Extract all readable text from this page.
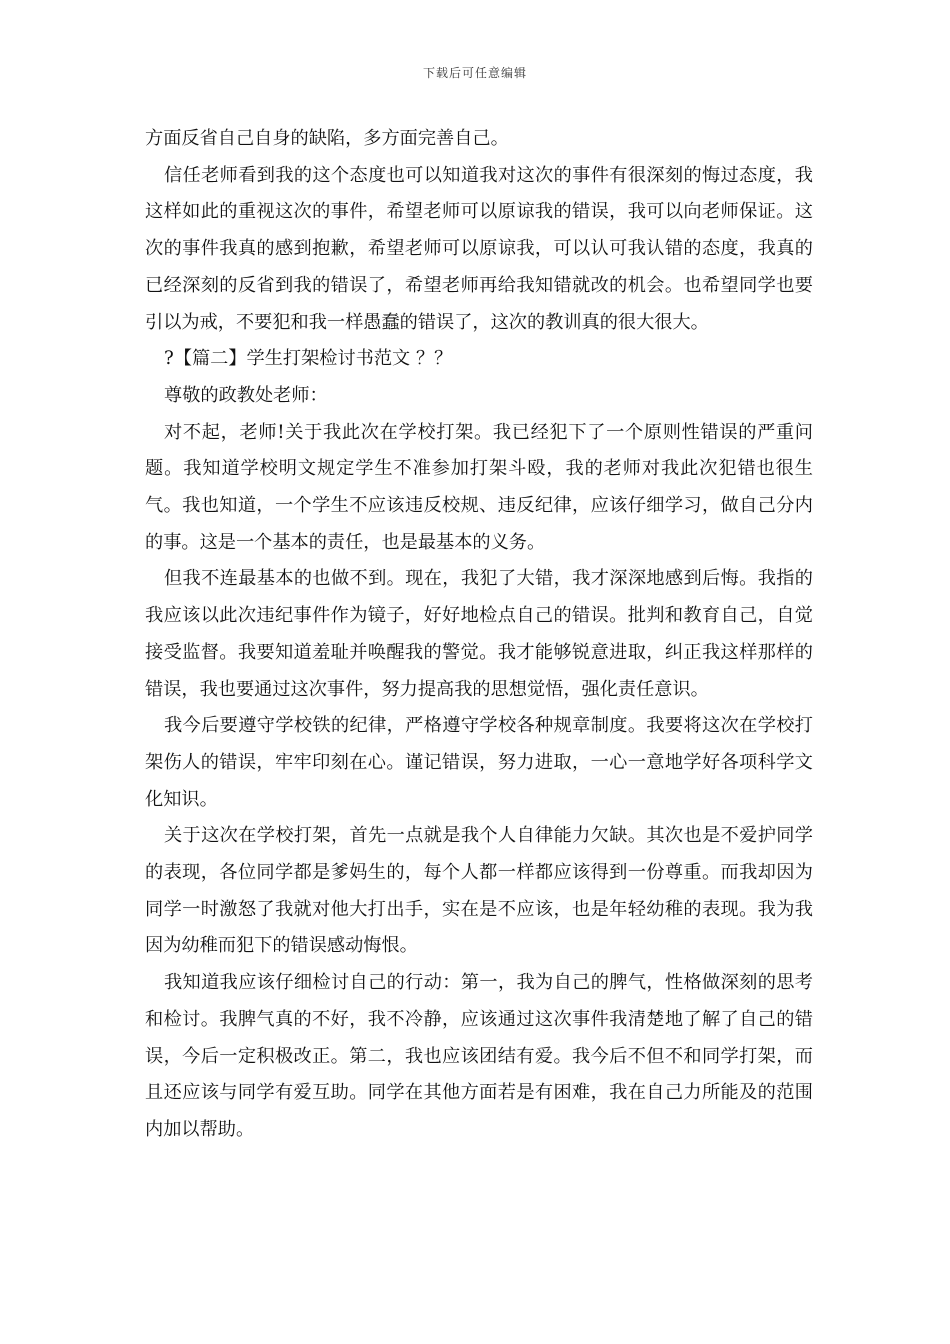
下载后可任意编辑

方面反省自己自身的缺陷，多方面完善自己。

信任老师看到我的这个态度也可以知道我对这次的事件有很深刻的悔过态度，我这样如此的重视这次的事件，希望老师可以原谅我的错误，我可以向老师保证。这次的事件我真的感到抱歉，希望老师可以原谅我，可以认可我认错的态度，我真的已经深刻的反省到我的错误了，希望老师再给我知错就改的机会。也希望同学也要引以为戒，不要犯和我一样愚蠢的错误了，这次的教训真的很大很大。

?【篇二】学生打架检讨书范文 ？？

尊敬的政教处老师：

对不起，老师!关于我此次在学校打架。我已经犯下了一个原则性错误的严重问题。我知道学校明文规定学生不准参加打架斗殴，我的老师对我此次犯错也很生气。我也知道，一个学生不应该违反校规、违反纪律，应该仔细学习，做自己分内的事。这是一个基本的责任，也是最基本的义务。

但我不连最基本的也做不到。现在，我犯了大错，我才深深地感到后悔。我指的我应该以此次违纪事件作为镜子，好好地检点自己的错误。批判和教育自己，自觉接受监督。我要知道羞耻并唤醒我的警觉。我才能够锐意进取，纠正我这样那样的错误，我也要通过这次事件，努力提高我的思想觉悟，强化责任意识。

我今后要遵守学校铁的纪律，严格遵守学校各种规章制度。我要将这次在学校打架伤人的错误，牢牢印刻在心。谨记错误，努力进取，一心一意地学好各项科学文化知识。

关于这次在学校打架，首先一点就是我个人自律能力欠缺。其次也是不爱护同学的表现，各位同学都是爹妈生的，每个人都一样都应该得到一份尊重。而我却因为同学一时激怒了我就对他大打出手，实在是不应该，也是年轻幼稚的表现。我为我因为幼稚而犯下的错误感动悔恨。

我知道我应该仔细检讨自己的行动：第一，我为自己的脾气，性格做深刻的思考和检讨。我脾气真的不好，我不冷静，应该通过这次事件我清楚地了解了自己的错误，今后一定积极改正。第二，我也应该团结有爱。我今后不但不和同学打架，而且还应该与同学有爱互助。同学在其他方面若是有困难，我在自己力所能及的范围内加以帮助。
